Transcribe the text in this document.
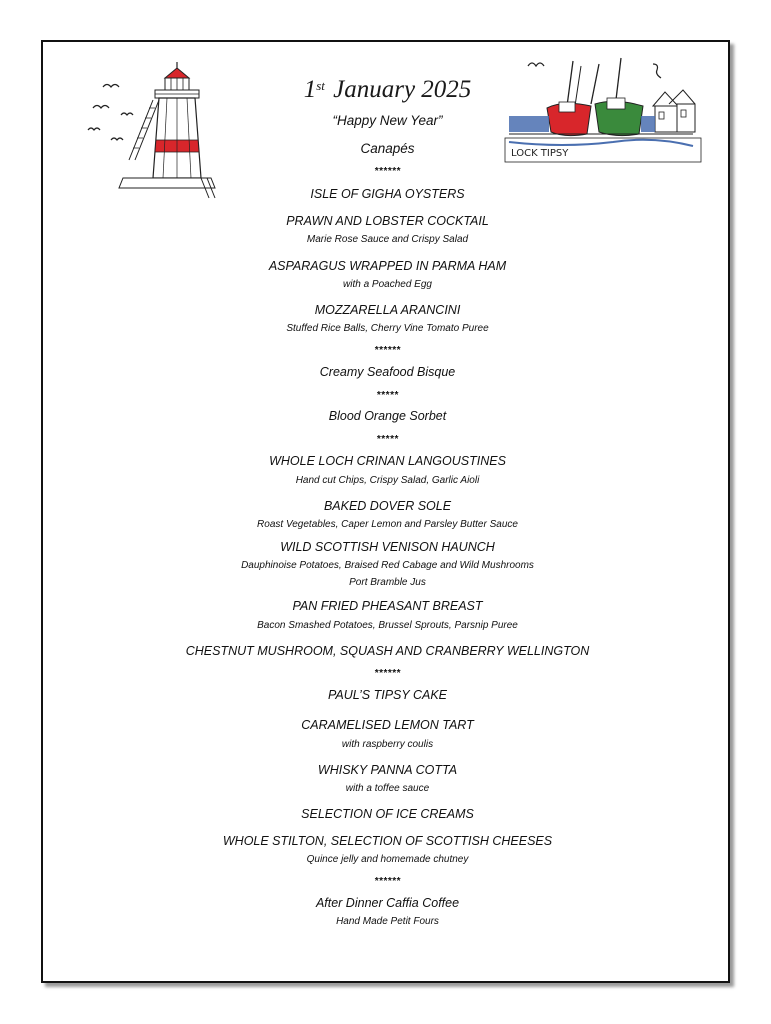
LOCK TIPSY
1st January 2025
“Happy New Year”
Canapés
******
ISLE OF GIGHA OYSTERS
PRAWN AND LOBSTER COCKTAIL
Marie Rose Sauce and Crispy Salad
ASPARAGUS WRAPPED IN PARMA HAM
with a Poached Egg
MOZZARELLA ARANCINI
Stuffed Rice Balls, Cherry Vine Tomato Puree
******
Creamy Seafood Bisque
*****
Blood Orange Sorbet
*****
WHOLE LOCH CRINAN LANGOUSTINES
Hand cut Chips, Crispy Salad, Garlic Aioli
BAKED DOVER SOLE
Roast Vegetables, Caper Lemon and Parsley Butter Sauce
WILD SCOTTISH VENISON HAUNCH
Dauphinoise Potatoes, Braised Red Cabage and Wild Mushrooms
Port Bramble Jus
PAN FRIED PHEASANT BREAST
Bacon Smashed Potatoes, Brussel Sprouts, Parsnip Puree
CHESTNUT MUSHROOM, SQUASH AND CRANBERRY WELLINGTON
******
PAUL’S TIPSY CAKE
CARAMELISED LEMON TART
with raspberry coulis
WHISKY PANNA COTTA
with a toffee sauce
SELECTION OF ICE CREAMS
WHOLE STILTON, SELECTION OF SCOTTISH CHEESES
Quince jelly and homemade chutney
******
After Dinner Caffia Coffee
Hand Made Petit Fours
